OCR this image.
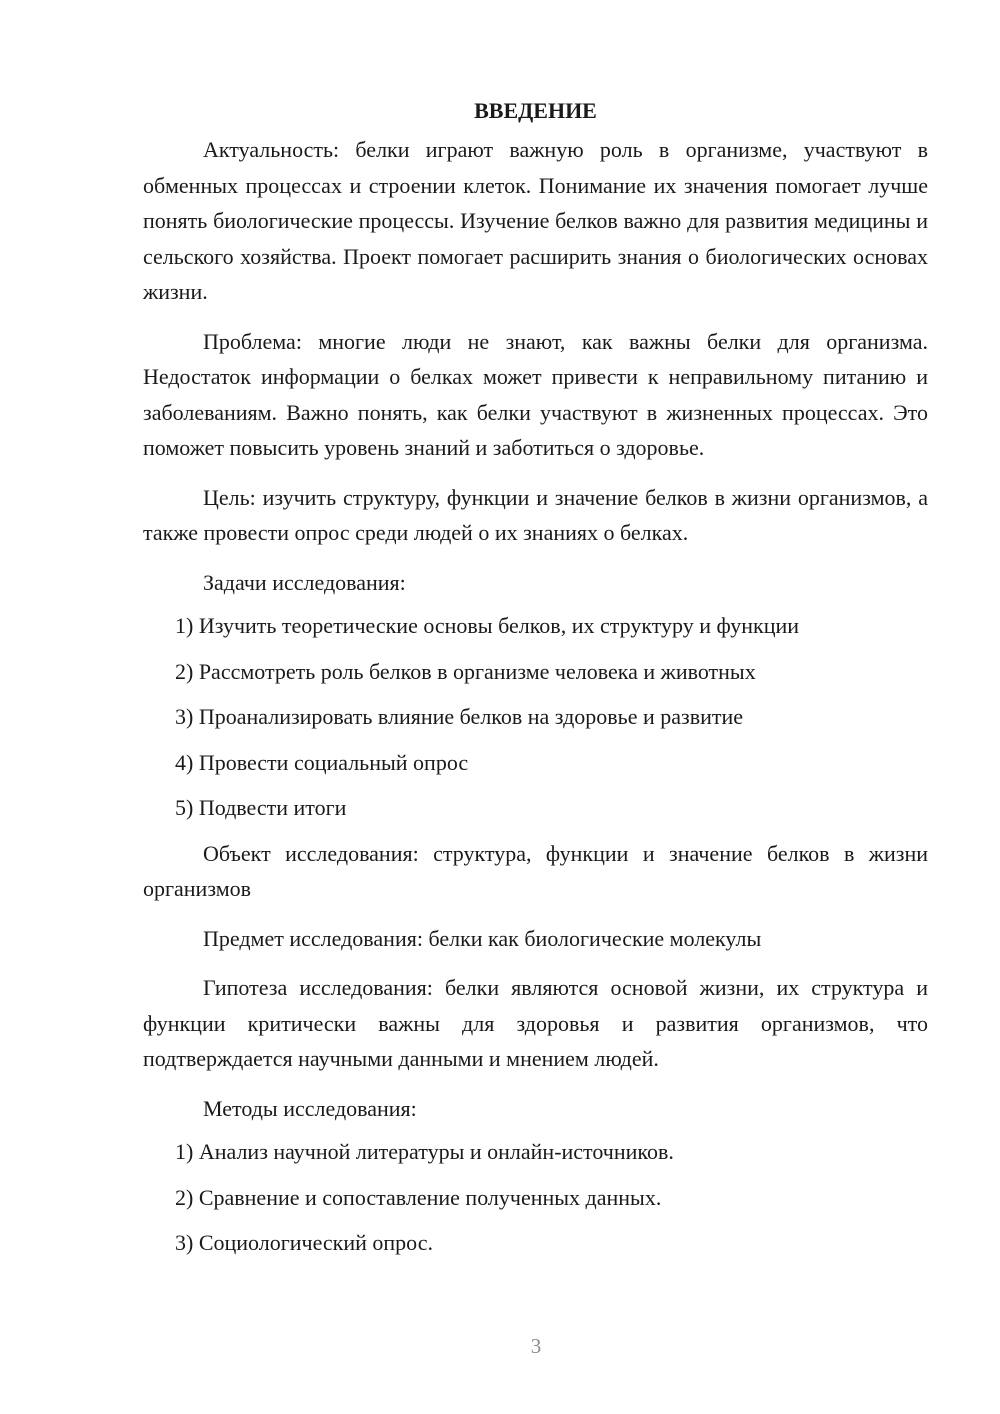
ВВЕДЕНИЕ

Актуальность: белки играют важную роль в организме, участвуют в обменных процессах и строении клеток. Понимание их значения помогает лучше понять биологические процессы. Изучение белков важно для развития медицины и сельского хозяйства. Проект помогает расширить знания о биологических основах жизни.

Проблема: многие люди не знают, как важны белки для организма. Недостаток информации о белках может привести к неправильному питанию и заболеваниям. Важно понять, как белки участвуют в жизненных процессах. Это поможет повысить уровень знаний и заботиться о здоровье.

Цель: изучить структуру, функции и значение белков в жизни организмов, а также провести опрос среди людей о их знаниях о белках.

Задачи исследования:

1) Изучить теоретические основы белков, их структуру и функции
2) Рассмотреть роль белков в организме человека и животных
3) Проанализировать влияние белков на здоровье и развитие
4) Провести социальный опрос
5) Подвести итоги

Объект исследования: структура, функции и значение белков в жизни организмов

Предмет исследования: белки как биологические молекулы

Гипотеза исследования: белки являются основой жизни, их структура и функции критически важны для здоровья и развития организмов, что подтверждается научными данными и мнением людей.

Методы исследования:

1) Анализ научной литературы и онлайн-источников.
2) Сравнение и сопоставление полученных данных.
3) Социологический опрос.
3
